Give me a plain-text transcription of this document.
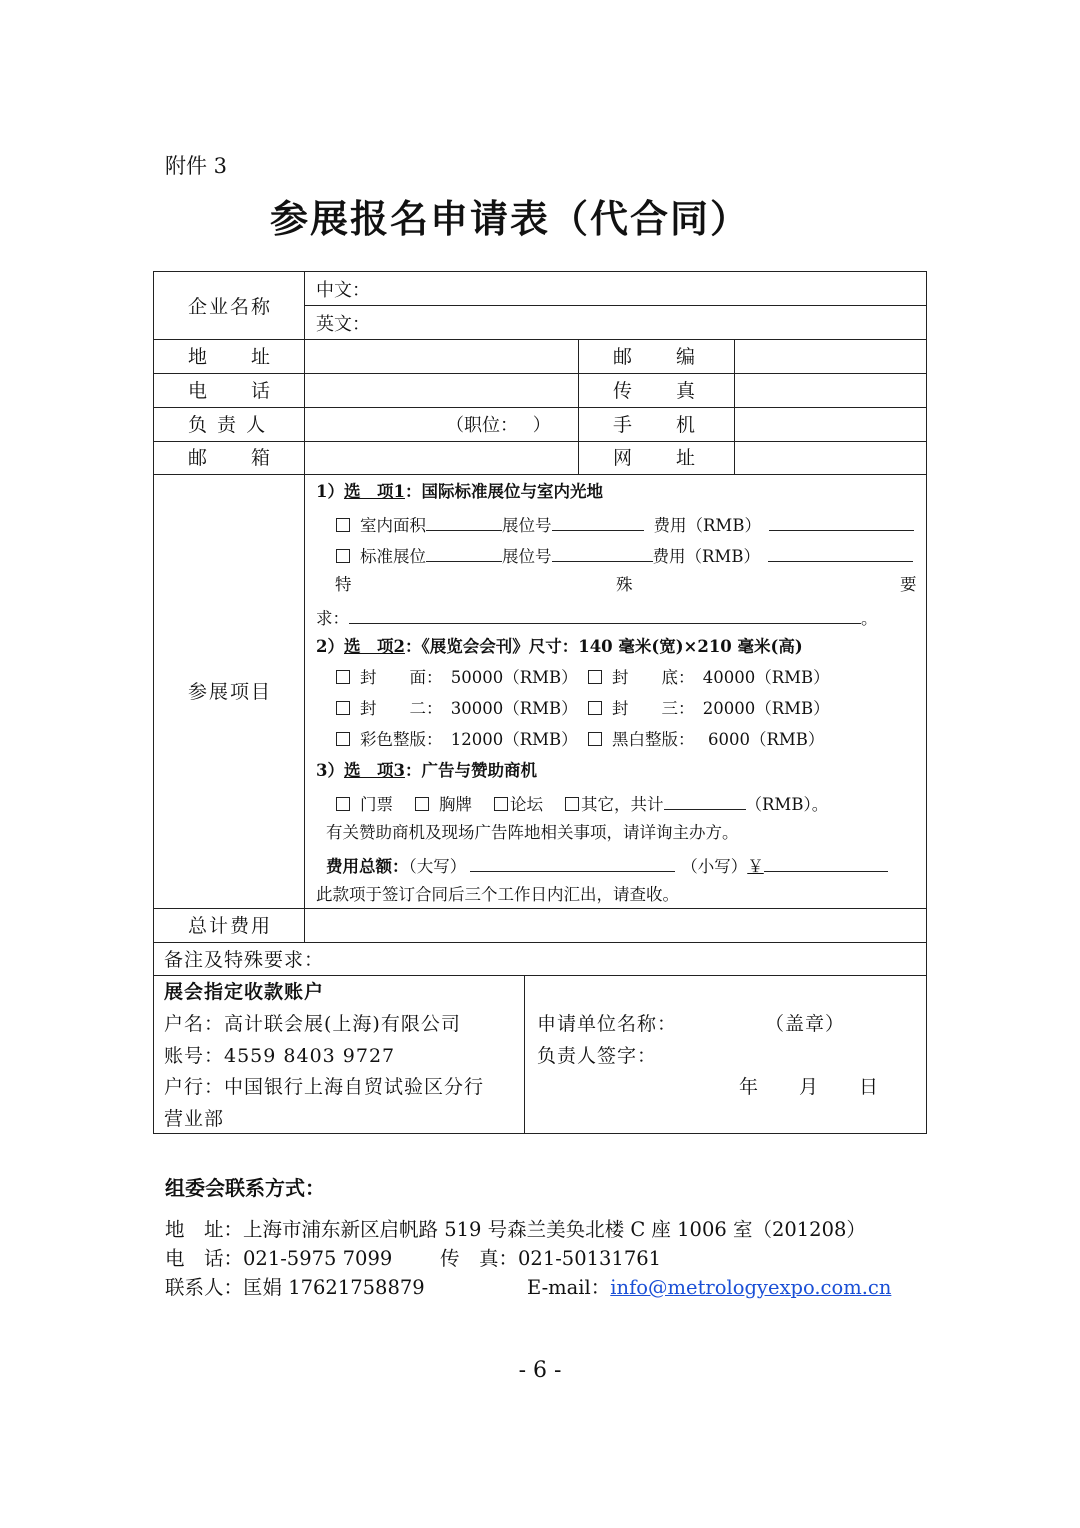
附件 3
参展报名申请表（代合同）
企业名称
中文：
英文：
地　　址	邮　　编
电　　话	传　　真
负 责 人	（职位：　 ）	手　　机
邮　　箱	网　　址
参展项目
1）选　项1：国际标准展位与室内光地
室内面积	展位号	费用（RMB）
标准展位	展位号	费用（RMB）
特	殊	要
求：	。
2）选　项2：《展览会会刊》尺寸：140 毫米(宽)×210 毫米(高)
封　　面：　50000（RMB）	封　　底：　40000（RMB）
封　　二：　30000（RMB）	封　　三：　20000（RMB）
彩色整版：　12000（RMB）	黑白整版：　 6000（RMB）
3）选　项3：广告与赞助商机
门票	胸牌 论坛 其它，共计	（RMB）。
有关赞助商机及现场广告阵地相关事项，请详询主办方。
费用总额：（大写）	（小写）￥
此款项于签订合同后三个工作日内汇出，请查收。
总计费用
备注及特殊要求：
展会指定收款账户
户名：高计联会展(上海)有限公司
账号：4559 8403 9727
户行：中国银行上海自贸试验区分行
营业部
申请单位名称：	（盖章）
负责人签字：
年　　月　　日
组委会联系方式：
地　址：上海市浦东新区启帆路 519 号森兰美奂北楼 C 座 1006 室（201208）
电　话：021-5975 7099 传　真：021-50131761
联系人：匡娟 17621758879	E-mail：info@metrologyexpo.com.cn
- 6 -
